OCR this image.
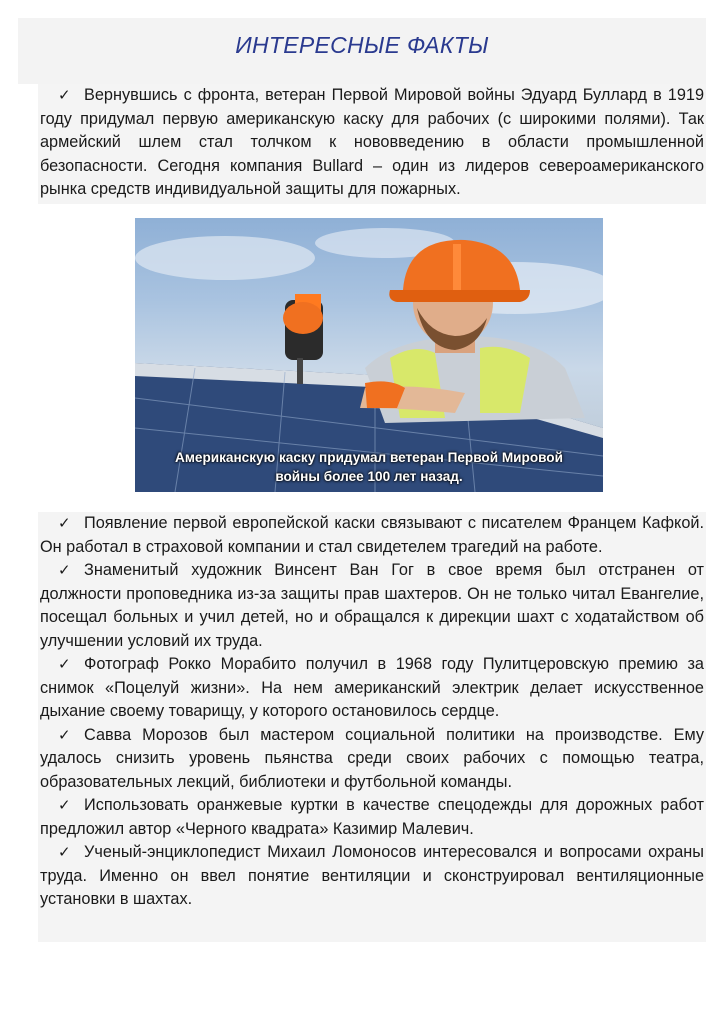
ИНТЕРЕСНЫЕ ФАКТЫ

✓ Вернувшись с фронта, ветеран Первой Мировой войны Эдуард Буллард в 1919 году придумал первую американскую каску для рабочих (с широкими полями). Так армейский шлем стал толчком к нововведению в области промышленной безопасности. Сегодня компания Bullard – один из лидеров североамериканского рынка средств индивидуальной защиты для пожарных.

Американскую каску придумал ветеран Первой Мировой
войны более 100 лет назад.

✓ Появление первой европейской каски связывают с писателем Францем Кафкой. Он работал в страховой компании и стал свидетелем трагедий на работе.

✓ Знаменитый художник Винсент Ван Гог в свое время был отстранен от должности проповедника из-за защиты прав шахтеров. Он не только читал Евангелие, посещал больных и учил детей, но и обращался к дирекции шахт с ходатайством об улучшении условий их труда.

✓ Фотограф Рокко Морабито получил в 1968 году Пулитцеровскую премию за снимок «Поцелуй жизни». На нем американский электрик делает искусственное дыхание своему товарищу, у которого остановилось сердце.

✓ Савва Морозов был мастером социальной политики на производстве. Ему удалось снизить уровень пьянства среди своих рабочих с помощью театра, образовательных лекций, библиотеки и футбольной команды.

✓ Использовать оранжевые куртки в качестве спецодежды для дорожных работ предложил автор «Черного квадрата» Казимир Малевич.

✓ Ученый-энциклопедист Михаил Ломоносов интересовался и вопросами охраны труда. Именно он ввел понятие вентиляции и сконструировал вентиляционные установки в шахтах.
